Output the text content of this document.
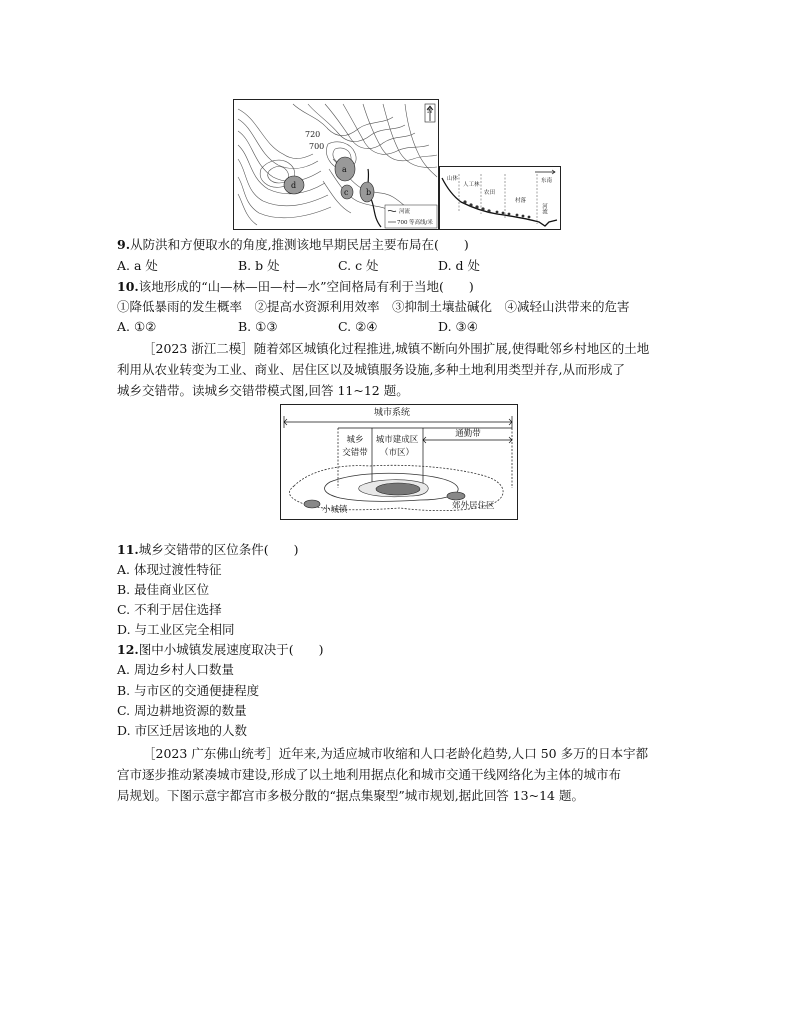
720
700
a
b
c
d
N
河流
700 等高线/米
东南
山体
人工林
农田
村落
河流
9.从防洪和方便取水的角度,推测该地早期民居主要布局在(　　)
A. a 处	B. b 处	C. c 处	D. d 处
10.该地形成的“山—林—田—村—水”空间格局有利于当地(　　)
①降低暴雨的发生概率　②提高水资源利用效率　③抑制土壤盐碱化　④减轻山洪带来的危害
A. ①②	B. ①③	C. ②④	D. ③④
［2023 浙江二模］随着郊区城镇化过程推进,城镇不断向外围扩展,使得毗邻乡村地区的土地
利用从农业转变为工业、商业、居住区以及城镇服务设施,多种土地利用类型并存,从而形成了
城乡交错带。读城乡交错带模式图,回答 11~12 题。
城市系统
城乡
交错带
城市建成区
（市区）
通勤带
小城镇	郊外居住区
11.城乡交错带的区位条件(　　)
A. 体现过渡性特征
B. 最佳商业区位
C. 不利于居住选择
D. 与工业区完全相同
12.图中小城镇发展速度取决于(　　)
A. 周边乡村人口数量
B. 与市区的交通便捷程度
C. 周边耕地资源的数量
D. 市区迁居该地的人数
［2023 广东佛山统考］近年来,为适应城市收缩和人口老龄化趋势,人口 50 多万的日本宇都
宫市逐步推动紧凑城市建设,形成了以土地利用据点化和城市交通干线网络化为主体的城市布
局规划。下图示意宇都宫市多极分散的“据点集聚型”城市规划,据此回答 13~14 题。
